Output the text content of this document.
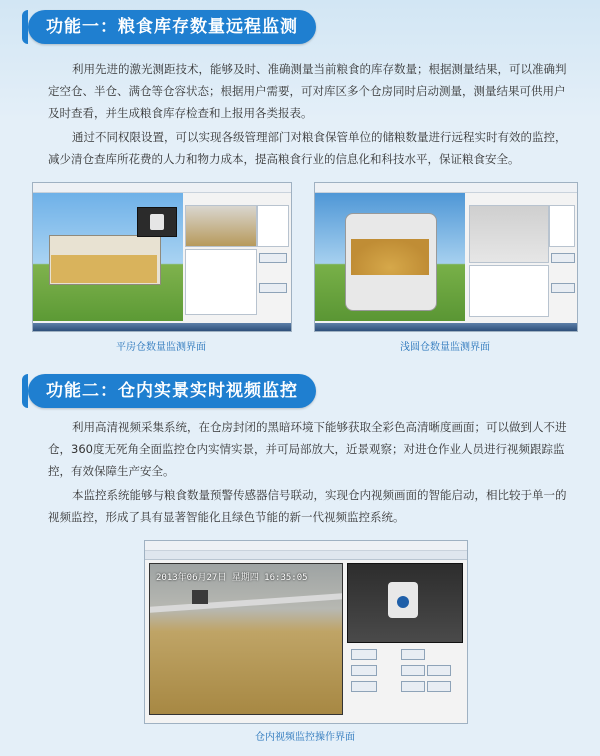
功能一：粮食库存数量远程监测

利用先进的激光测距技术，能够及时、准确测量当前粮食的库存数量；根据测量结果，可以准确判定空仓、半仓、满仓等仓容状态；根据用户需要，可对库区多个仓房同时启动测量，测量结果可供用户及时查看，并生成粮食库存检查和上报用各类报表。

通过不同权限设置，可以实现各级管理部门对粮食保管单位的储粮数量进行远程实时有效的监控，减少清仓查库所花费的人力和物力成本，提高粮食行业的信息化和科技水平，保证粮食安全。

平房仓数量监测界面	浅圆仓数量监测界面
功能二：仓内实景实时视频监控

利用高清视频采集系统，在仓房封闭的黑暗环境下能够获取全彩色高清晰度画面；可以做到人不进仓，360度无死角全面监控仓内实情实景，并可局部放大，近景观察；对进仓作业人员进行视频跟踪监控，有效保障生产安全。

本监控系统能够与粮食数量预警传感器信号联动，实现仓内视频画面的智能启动，相比较于单一的视频监控，形成了具有显著智能化且绿色节能的新一代视频监控系统。

2013年06月27日 星期四 16:35:05
仓内视频监控操作界面
